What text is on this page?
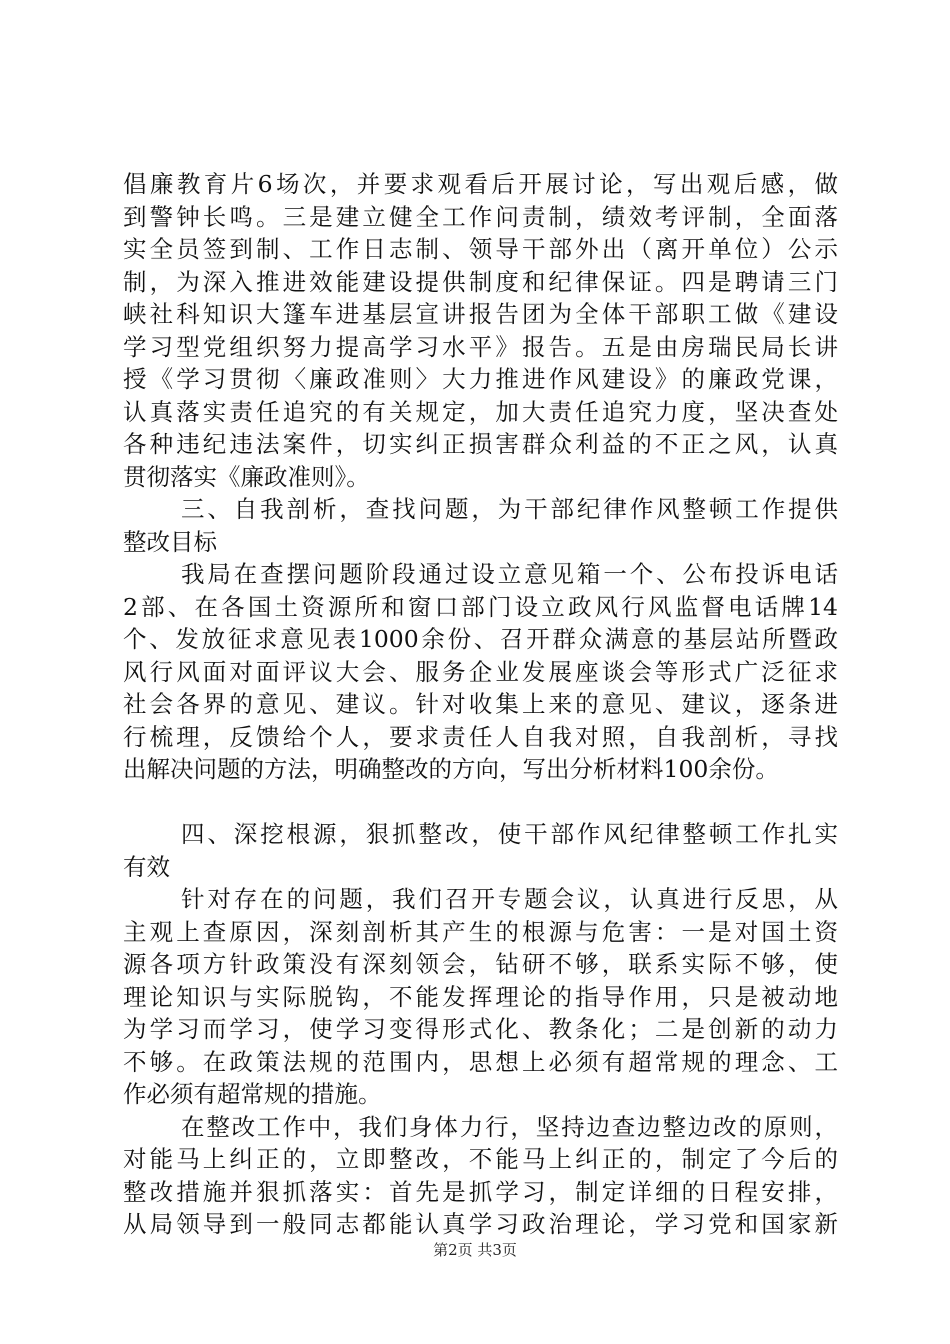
倡廉教育片6场次，并要求观看后开展讨论，写出观后感，做
到警钟长鸣。三是建立健全工作问责制，绩效考评制，全面落
实全员签到制、工作日志制、领导干部外出（离开单位）公示
制，为深入推进效能建设提供制度和纪律保证。四是聘请三门
峡社科知识大篷车进基层宣讲报告团为全体干部职工做《建设
学习型党组织努力提高学习水平》报告。五是由房瑞民局长讲
授《学习贯彻〈廉政准则〉大力推进作风建设》的廉政党课，
认真落实责任追究的有关规定，加大责任追究力度，坚决查处
各种违纪违法案件，切实纠正损害群众利益的不正之风，认真
贯彻落实《廉政准则》。
三、自我剖析，查找问题，为干部纪律作风整顿工作提供
整改目标
我局在查摆问题阶段通过设立意见箱一个、公布投诉电话
2部、在各国土资源所和窗口部门设立政风行风监督电话牌14
个、发放征求意见表1000余份、召开群众满意的基层站所暨政
风行风面对面评议大会、服务企业发展座谈会等形式广泛征求
社会各界的意见、建议。针对收集上来的意见、建议，逐条进
行梳理，反馈给个人，要求责任人自我对照，自我剖析，寻找
出解决问题的方法，明确整改的方向，写出分析材料100余份。
四、深挖根源，狠抓整改，使干部作风纪律整顿工作扎实
有效
针对存在的问题，我们召开专题会议，认真进行反思，从
主观上查原因，深刻剖析其产生的根源与危害：一是对国土资
源各项方针政策没有深刻领会，钻研不够，联系实际不够，使
理论知识与实际脱钩，不能发挥理论的指导作用，只是被动地
为学习而学习，使学习变得形式化、教条化；二是创新的动力
不够。在政策法规的范围内，思想上必须有超常规的理念、工
作必须有超常规的措施。
在整改工作中，我们身体力行，坚持边查边整边改的原则，
对能马上纠正的，立即整改，不能马上纠正的，制定了今后的
整改措施并狠抓落实：首先是抓学习，制定详细的日程安排，
从局领导到一般同志都能认真学习政治理论，学习党和国家新
第2页 共3页
